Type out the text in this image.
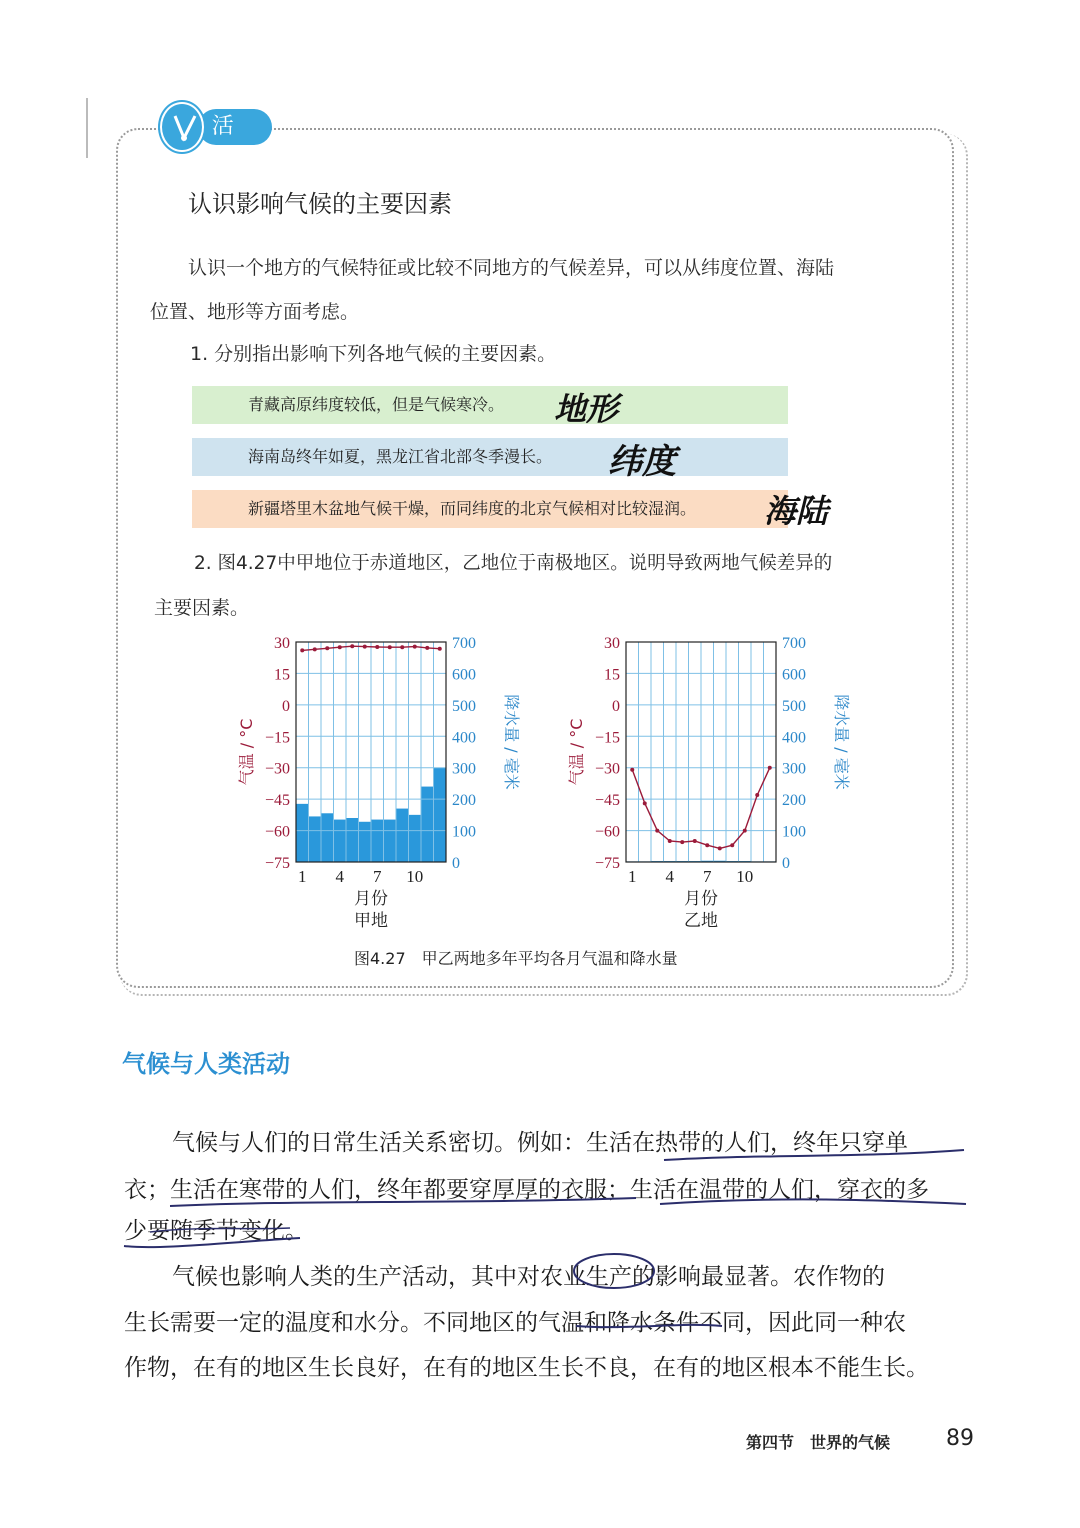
活动
认识影响气候的主要因素
认识一个地方的气候特征或比较不同地方的气候差异，可以从纬度位置、海陆
位置、地形等方面考虑。
1. 分别指出影响下列各地气候的主要因素。
青藏高原纬度较低，但是气候寒冷。	地形
海南岛终年如夏，黑龙江省北部冬季漫长。	纬度
新疆塔里木盆地气候干燥，而同纬度的北京气候相对比较湿润。	海陆
2. 图4.27中甲地位于赤道地区，乙地位于南极地区。说明导致两地气候差异的
主要因素。
30
15
0
−15
−30
−45
−60
−75
700
600
500
400
300
200
100
0
1 4 7 10
月份
甲地
气温 / °C	降水量 / 毫米
30
15
0
−15
−30
−45
−60
−75
700
600
500
400
300
200
100
0
1 4 7 10
月份
乙地
气温 / °C	降水量 / 毫米
图4.27　甲乙两地多年平均各月气温和降水量
气候与人类活动
气候与人们的日常生活关系密切。例如：生活在热带的人们，终年只穿单
衣；生活在寒带的人们，终年都要穿厚厚的衣服；生活在温带的人们，穿衣的多
少要随季节变化。
气候也影响人类的生产活动，其中对农业生产的影响最显著。农作物的
生长需要一定的温度和水分。不同地区的气温和降水条件不同，因此同一种农
作物，在有的地区生长良好，在有的地区生长不良，在有的地区根本不能生长。
第四节　世界的气候	89
